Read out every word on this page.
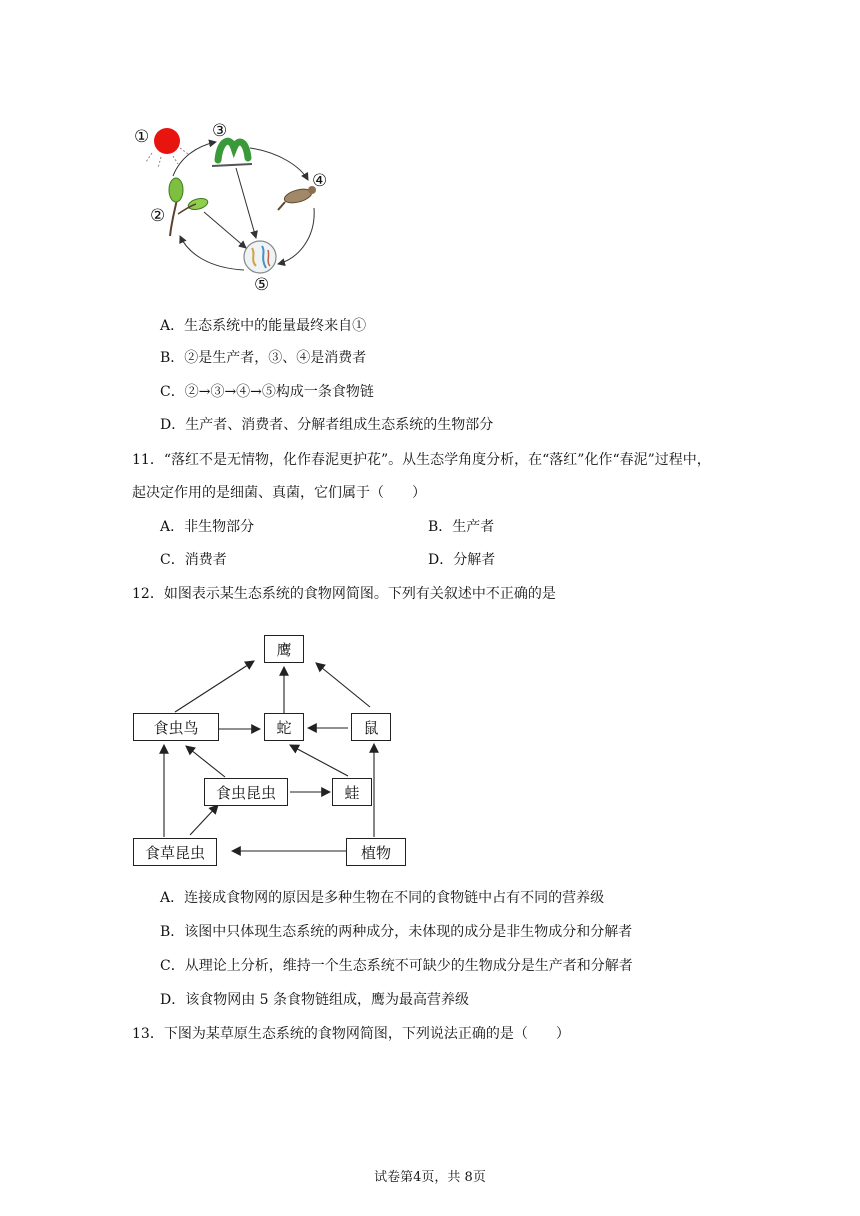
①
②
③
④
⑤
A．生态系统中的能量最终来自①
B．②是生产者，③、④是消费者
C．②→③→④→⑤构成一条食物链
D．生产者、消费者、分解者组成生态系统的生物部分
11．“落红不是无情物，化作春泥更护花”。从生态学角度分析，在“落红”化作“春泥”过程中，
起决定作用的是细菌、真菌，它们属于（　　）
A．非生物部分	B．生产者
C．消费者	D．分解者
12．如图表示某生态系统的食物网简图。下列有关叙述中不正确的是
鹰
食虫鸟	蛇	鼠
食虫昆虫	蛙
食草昆虫	植物
A．连接成食物网的原因是多种生物在不同的食物链中占有不同的营养级
B．该图中只体现生态系统的两种成分，未体现的成分是非生物成分和分解者
C．从理论上分析，维持一个生态系统不可缺少的生物成分是生产者和分解者
D．该食物网由 5 条食物链组成，鹰为最高营养级
13．下图为某草原生态系统的食物网简图，下列说法正确的是（　　）
试卷第4页，共 8页
